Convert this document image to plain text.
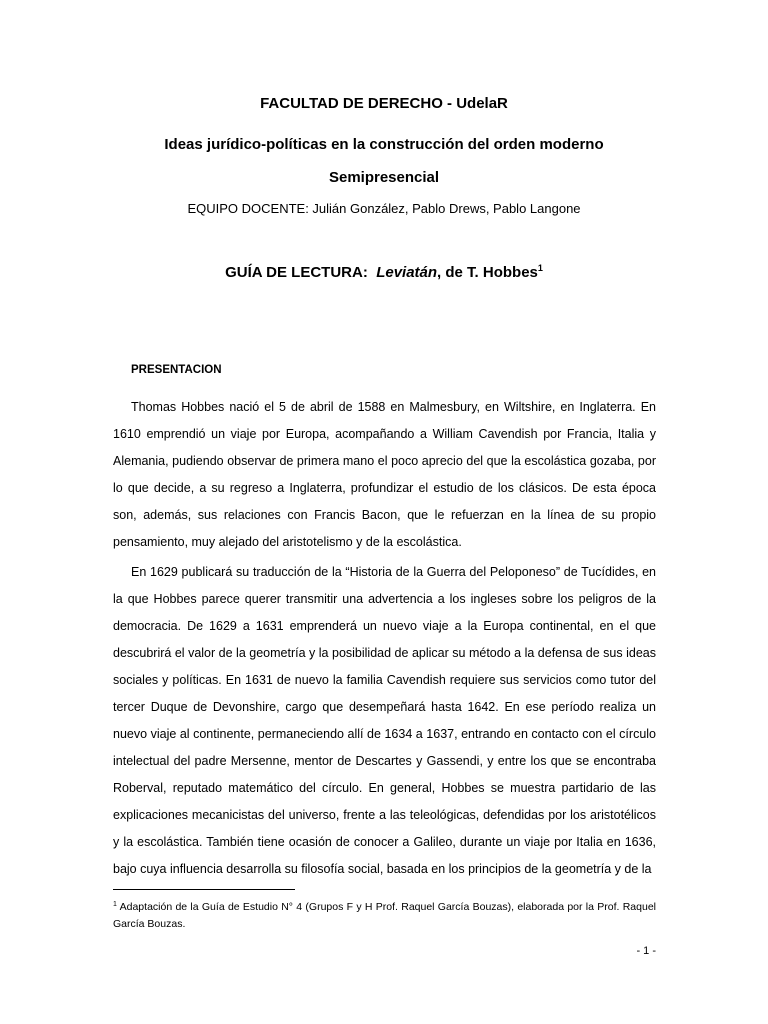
FACULTAD DE DERECHO - UdelaR
Ideas jurídico-políticas en la construcción del orden moderno
Semipresencial
EQUIPO DOCENTE: Julián González, Pablo Drews, Pablo Langone
GUÍA DE LECTURA: Leviatán, de T. Hobbes$^1$
PRESENTACION

Thomas Hobbes nació el 5 de abril de 1588 en Malmesbury, en Wiltshire, en Inglaterra. En 1610 emprendió un viaje por Europa, acompañando a William Cavendish por Francia, Italia y Alemania, pudiendo observar de primera mano el poco aprecio del que la escolástica gozaba, por lo que decide, a su regreso a Inglaterra, profundizar el estudio de los clásicos. De esta época son, además, sus relaciones con Francis Bacon, que le refuerzan en la línea de su propio pensamiento, muy alejado del aristotelismo y de la escolástica.

En 1629 publicará su traducción de la “Historia de la Guerra del Peloponeso” de Tucídides, en la que Hobbes parece querer transmitir una advertencia a los ingleses sobre los peligros de la democracia. De 1629 a 1631 emprenderá un nuevo viaje a la Europa continental, en el que descubrirá el valor de la geometría y la posibilidad de aplicar su método a la defensa de sus ideas sociales y políticas. En 1631 de nuevo la familia Cavendish requiere sus servicios como tutor del tercer Duque de Devonshire, cargo que desempeñará hasta 1642. En ese período realiza un nuevo viaje al continente, permaneciendo allí de 1634 a 1637, entrando en contacto con el círculo intelectual del padre Mersenne, mentor de Descartes y Gassendi, y entre los que se encontraba Roberval, reputado matemático del círculo. En general, Hobbes se muestra partidario de las explicaciones mecanicistas del universo, frente a las teleológicas, defendidas por los aristotélicos y la escolástica. También tiene ocasión de conocer a Galileo, durante un viaje por Italia en 1636, bajo cuya influencia desarrolla su filosofía social, basada en los principios de la geometría y de la

$^1$ Adaptación de la Guía de Estudio N° 4 (Grupos F y H Prof. Raquel García Bouzas), elaborada por la Prof. Raquel García Bouzas.
- 1 -
